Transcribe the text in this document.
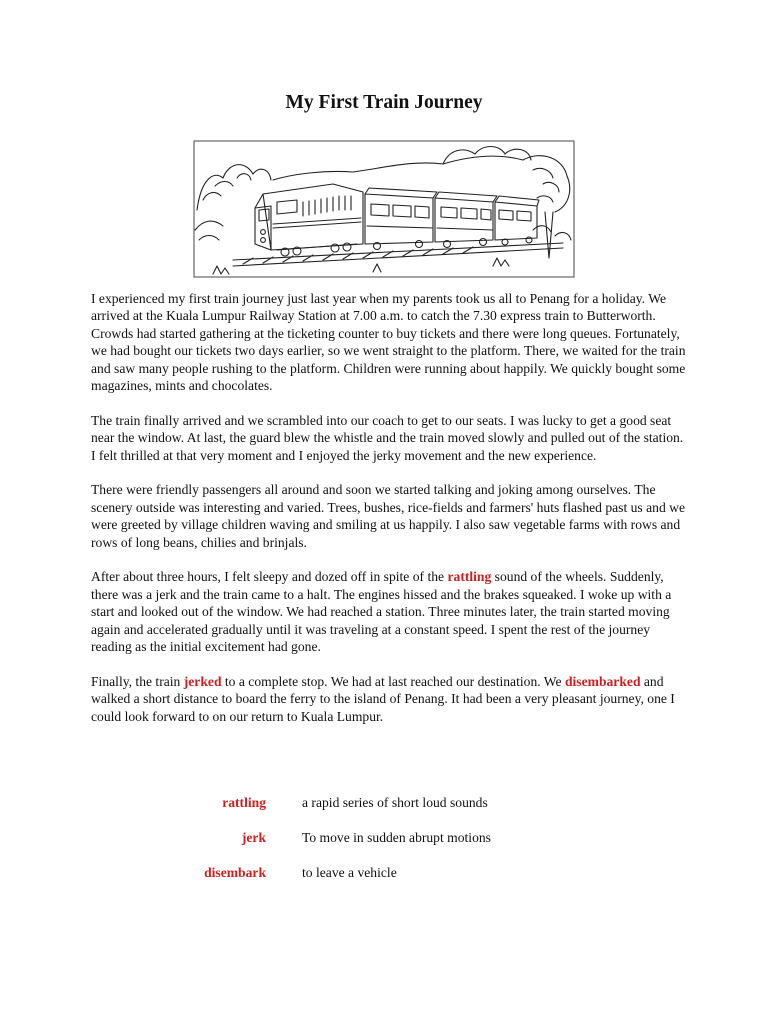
My First Train Journey

I experienced my first train journey just last year when my parents took us all to Penang for a holiday. We arrived at the Kuala Lumpur Railway Station at 7.00 a.m. to catch the 7.30 express train to Butterworth. Crowds had started gathering at the ticketing counter to buy tickets and there were long queues. Fortunately, we had bought our tickets two days earlier, so we went straight to the platform. There, we waited for the train and saw many people rushing to the platform. Children were running about happily. We quickly bought some magazines, mints and chocolates.

The train finally arrived and we scrambled into our coach to get to our seats. I was lucky to get a good seat near the window. At last, the guard blew the whistle and the train moved slowly and pulled out of the station. I felt thrilled at that very moment and I enjoyed the jerky movement and the new experience.

There were friendly passengers all around and soon we started talking and joking among ourselves. The scenery outside was interesting and varied. Trees, bushes, rice-fields and farmers' huts flashed past us and we were greeted by village children waving and smiling at us happily. I also saw vegetable farms with rows and rows of long beans, chilies and brinjals.

After about three hours, I felt sleepy and dozed off in spite of the rattling sound of the wheels. Suddenly, there was a jerk and the train came to a halt. The engines hissed and the brakes squeaked. I woke up with a start and looked out of the window. We had reached a station. Three minutes later, the train started moving again and accelerated gradually until it was traveling at a constant speed. I spent the rest of the journey reading as the initial excitement had gone.

Finally, the train jerked to a complete stop. We had at last reached our destination. We disembarked and walked a short distance to board the ferry to the island of Penang. It had been a very pleasant journey, one I could look forward to on our return to Kuala Lumpur.

rattling	a rapid series of short loud sounds
jerk	To move in sudden abrupt motions
disembark	to leave a vehicle
